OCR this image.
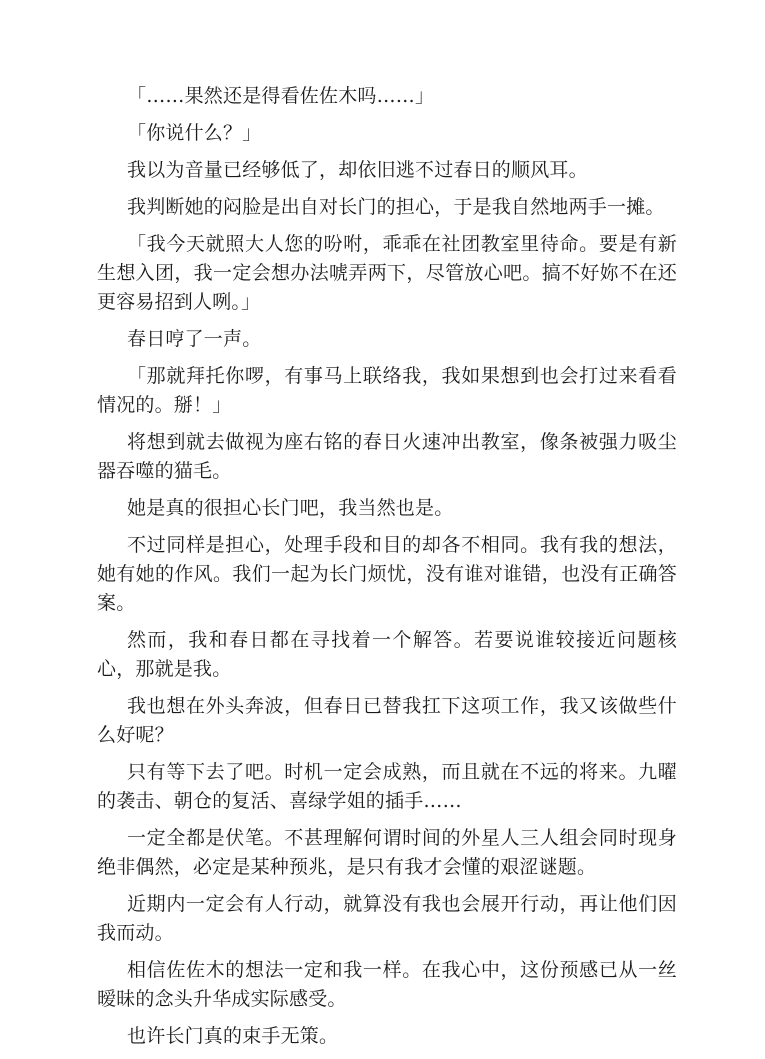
「……果然还是得看佐佐木吗……」

「你说什么？」

我以为音量已经够低了，却依旧逃不过春日的顺风耳。

我判断她的闷脸是出自对长门的担心，于是我自然地两手一摊。

「我今天就照大人您的吩咐，乖乖在社团教室里待命。要是有新生想入团，我一定会想办法唬弄两下，尽管放心吧。搞不好妳不在还更容易招到人咧。」

春日哼了一声。

「那就拜托你啰，有事马上联络我，我如果想到也会打过来看看情况的。掰！」

将想到就去做视为座右铭的春日火速冲出教室，像条被强力吸尘器吞噬的猫毛。

她是真的很担心长门吧，我当然也是。

不过同样是担心，处理手段和目的却各不相同。我有我的想法，她有她的作风。我们一起为长门烦忧，没有谁对谁错，也没有正确答案。

然而，我和春日都在寻找着一个解答。若要说谁较接近问题核心，那就是我。

我也想在外头奔波，但春日已替我扛下这项工作，我又该做些什么好呢？

只有等下去了吧。时机一定会成熟，而且就在不远的将来。九曜的袭击、朝仓的复活、喜绿学姐的插手……

一定全都是伏笔。不甚理解何谓时间的外星人三人组会同时现身绝非偶然，必定是某种预兆，是只有我才会懂的艰涩谜题。

近期内一定会有人行动，就算没有我也会展开行动，再让他们因我而动。

相信佐佐木的想法一定和我一样。在我心中，这份预感已从一丝暧昧的念头升华成实际感受。

也许长门真的束手无策。
